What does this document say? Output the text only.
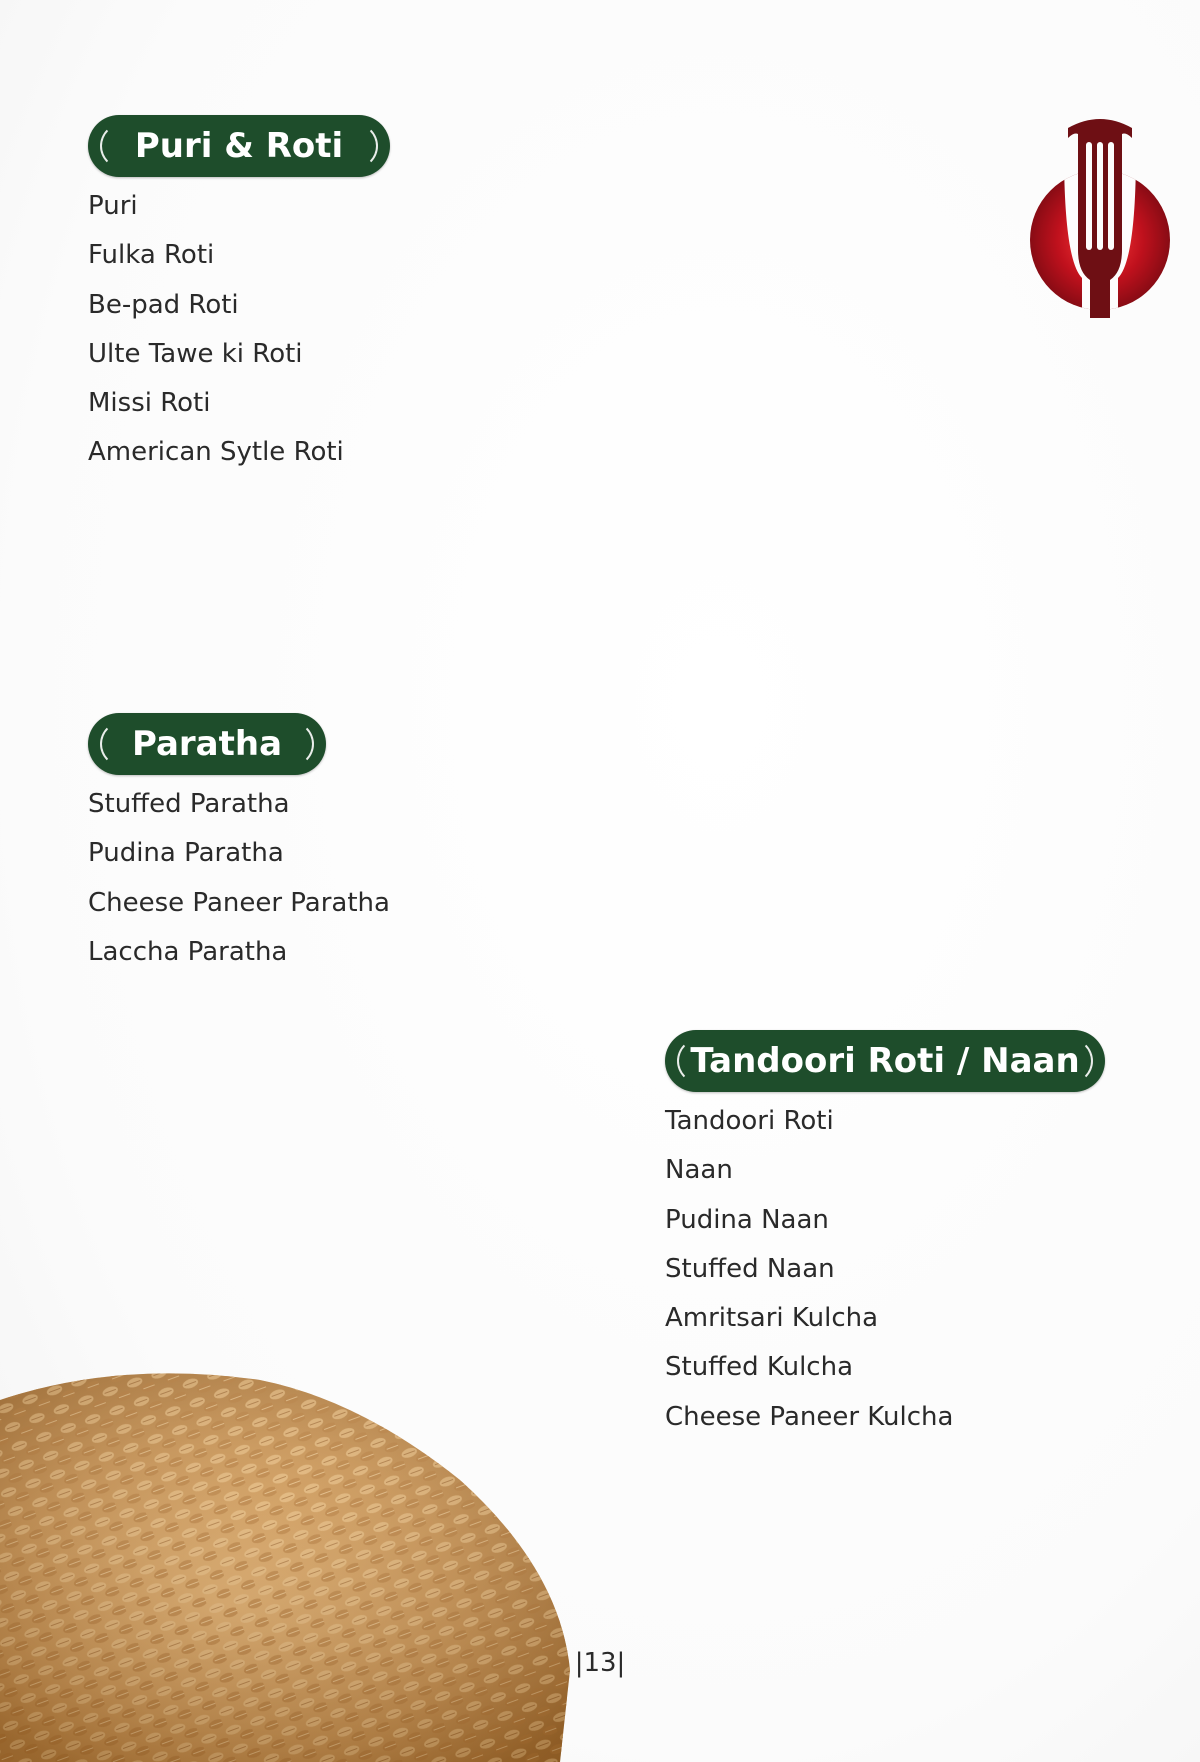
Puri & Roti
Puri
Fulka Roti
Be-pad Roti
Ulte Tawe ki Roti
Missi Roti
American Sytle Roti
Paratha
Stuffed Paratha
Pudina Paratha
Cheese Paneer Paratha
Laccha Paratha
Tandoori Roti / Naan
Tandoori Roti
Naan
Pudina Naan
Stuffed Naan
Amritsari Kulcha
Stuffed Kulcha
Cheese Paneer Kulcha
|13|
